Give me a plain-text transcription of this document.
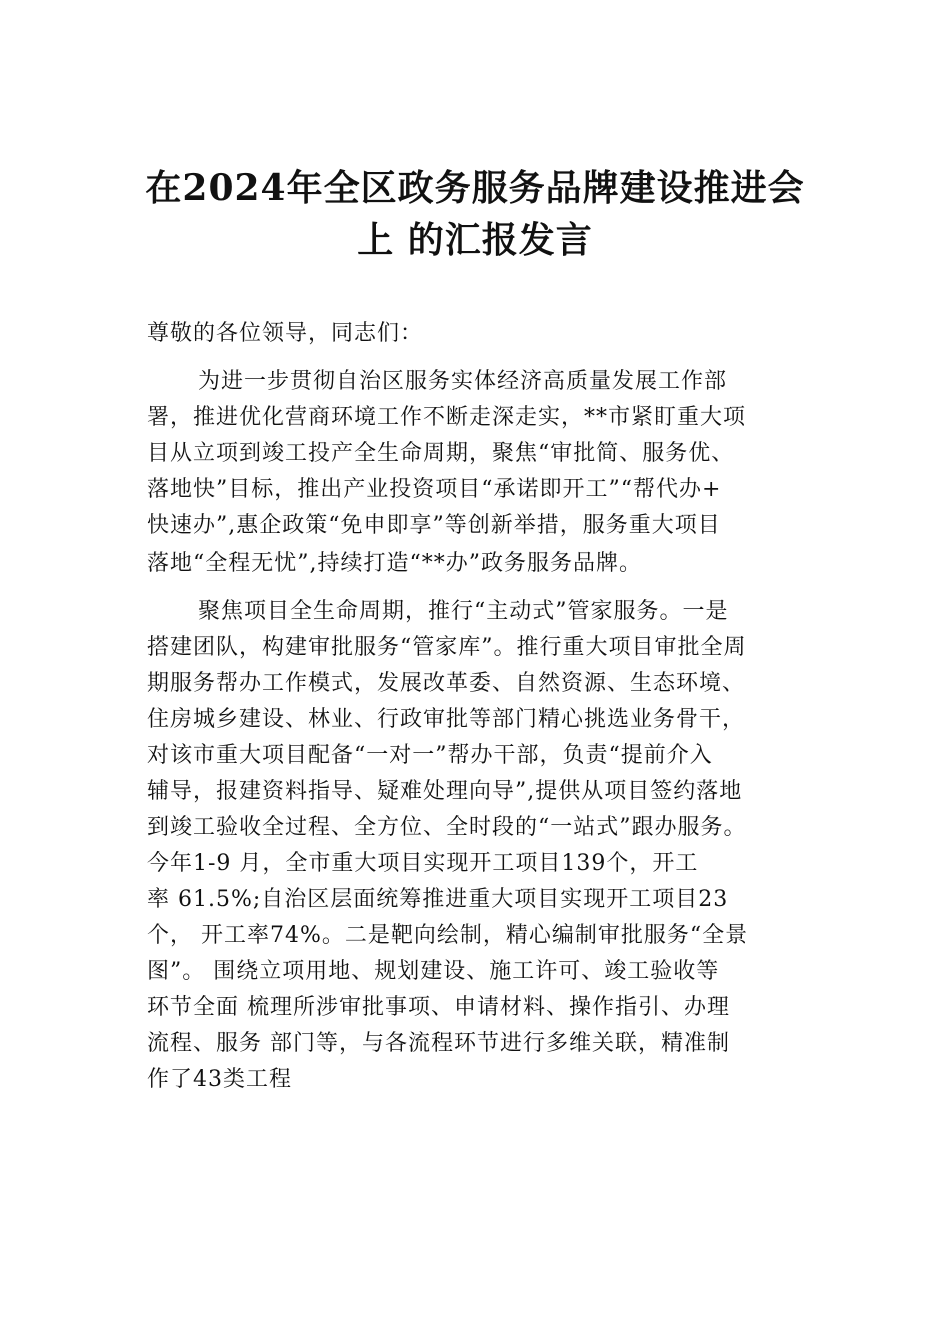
在2024年全区政务服务品牌建设推进会
上 的汇报发言
尊敬的各位领导，同志们：
为进一步贯彻自治区服务实体经济高质量发展工作部
署，推进优化营商环境工作不断走深走实，**市紧盯重大项
目从立项到竣工投产全生命周期，聚焦“审批简、服务优、
落地快”目标，推出产业投资项目“承诺即开工”“帮代办+
快速办”,惠企政策“免申即享”等创新举措，服务重大项目
落地“全程无忧”,持续打造“**办”政务服务品牌。
聚焦项目全生命周期，推行“主动式”管家服务。一是
搭建团队，构建审批服务“管家库”。推行重大项目审批全周
期服务帮办工作模式，发展改革委、自然资源、生态环境、
住房城乡建设、林业、行政审批等部门精心挑选业务骨干，
对该市重大项目配备“一对一”帮办干部，负责“提前介入
辅导，报建资料指导、疑难处理向导”,提供从项目签约落地
到竣工验收全过程、全方位、全时段的“一站式”跟办服务。
今年1-9 月，全市重大项目实现开工项目139个，开工
率 61.5%;自治区层面统筹推进重大项目实现开工项目23
个， 开工率74%。二是靶向绘制，精心编制审批服务“全景
图”。 围绕立项用地、规划建设、施工许可、竣工验收等
环节全面 梳理所涉审批事项、申请材料、操作指引、办理
流程、服务 部门等，与各流程环节进行多维关联，精准制
作了43类工程
